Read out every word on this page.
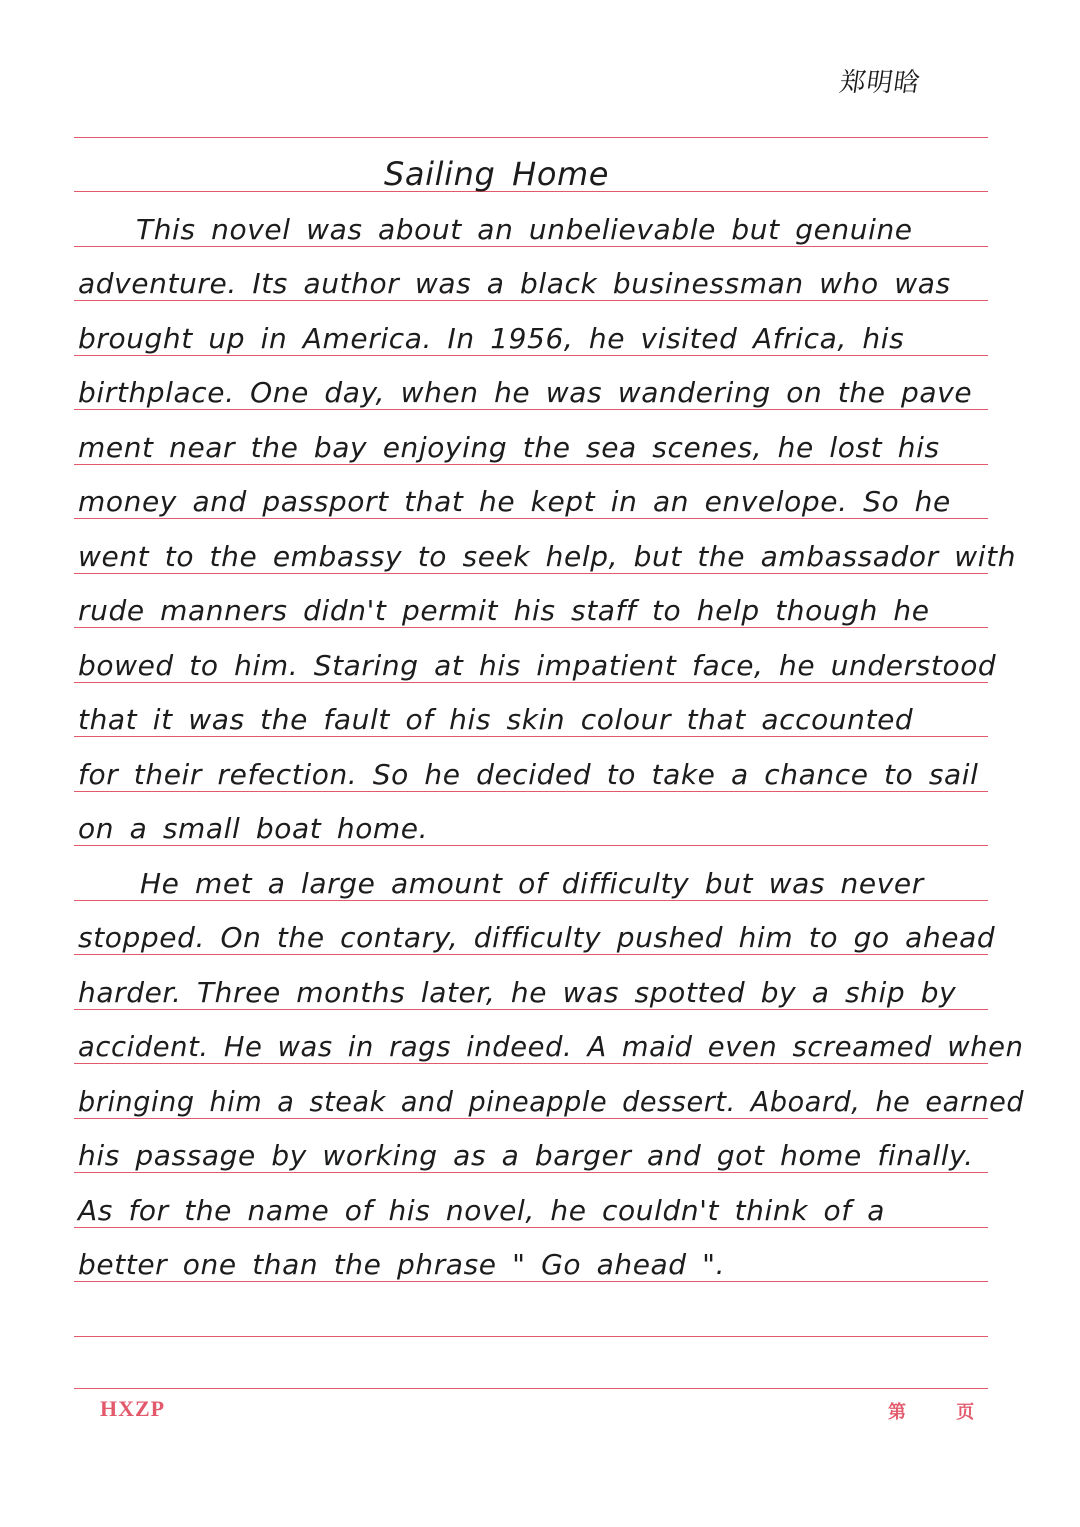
郑明晗
Sailing Home
This novel was about an unbelievable but genuine
adventure. Its author was a black businessman who was
brought up in America. In 1956, he visited Africa, his
birthplace. One day, when he was wandering on the pave
ment near the bay enjoying the sea scenes, he lost his
money and passport that he kept in an envelope. So he
went to the embassy to seek help, but the ambassador with
rude manners didn't permit his staff to help though he
bowed to him. Staring at his impatient face, he understood
that it was the fault of his skin colour that accounted
for their refection. So he decided to take a chance to sail
on a small boat home.
He met a large amount of difficulty but was never
stopped. On the contary, difficulty pushed him to go ahead
harder. Three months later, he was spotted by a ship by
accident. He was in rags indeed. A maid even screamed when
bringing him a steak and pineapple dessert. Aboard, he earned
his passage by working as a barger and got home finally.
As for the name of his novel, he couldn't think of a
better one than the phrase " Go ahead ".
HXZP	第 页
